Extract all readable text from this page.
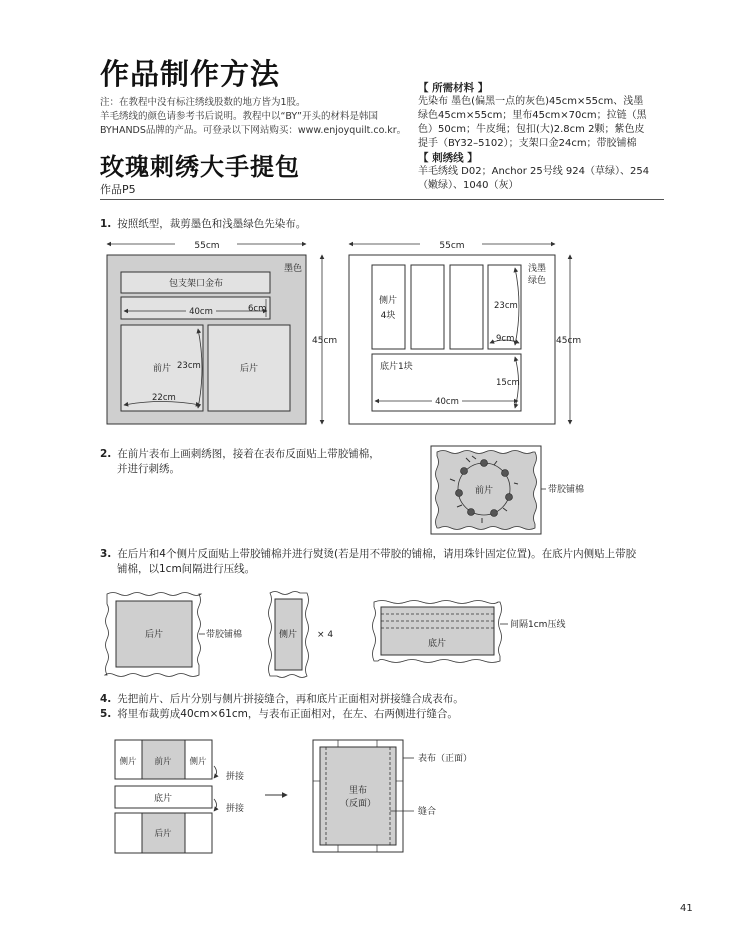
作品制作方法
注：在教程中没有标注绣线股数的地方皆为1股。
羊毛绣线的颜色请参考书后说明。教程中以“BY”开头的材料是韩国
BYHANDS品牌的产品。可登录以下网站购买：www.enjoyquilt.co.kr。
玫瑰刺绣大手提包
作品P5
【 所需材料 】
先染布 墨色(偏黑一点的灰色)45cm×55cm、浅墨
绿色45cm×55cm；里布45cm×70cm；拉链（黑
色）50cm；牛皮绳；包扣(大)2.8cm 2颗；紫色皮
提手（BY32–5102）；支架口金24cm；带胶铺棉
【 刺绣线 】
羊毛绣线 D02；Anchor 25号线 924（草绿）、254
（嫩绿）、1040（灰）
1. 按照纸型，裁剪墨色和浅墨绿色先染布。
2. 在前片表布上画刺绣图，接着在表布反面贴上带胶铺棉，
并进行刺绣。
3. 在后片和4个侧片反面贴上带胶铺棉并进行熨烫(若是用不带胶的铺棉，请用珠针固定位置)。在底片内侧贴上带胶
铺棉，以1cm间隔进行压线。
4. 先把前片、后片分别与侧片拼接缝合，再和底片正面相对拼接缝合成表布。
5. 将里布裁剪成40cm×61cm，与表布正面相对，在左、右两侧进行缝合。
41
55cm
45cm
墨色
包支架口金布
40cm	6cm
前片 23cm
22cm
后片
55cm
45cm
浅墨
绿色
侧片
4块
23cm
9cm
底片1块
15cm
40cm
前片	带胶铺棉
后片	带胶铺棉	侧片 × 4
底片
间隔1cm压线
侧片 前片 侧片
拼接
底片
拼接
后片
里布
（反面）
表布（正面）
缝合
